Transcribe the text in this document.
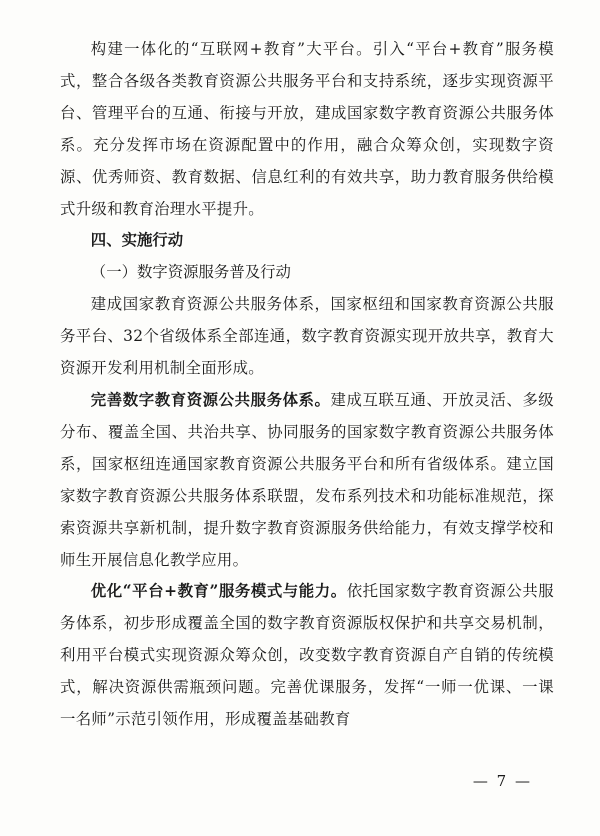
构建一体化的“互联网+教育”大平台。引入“平台+教育”服务模式，整合各级各类教育资源公共服务平台和支持系统，逐步实现资源平台、管理平台的互通、衔接与开放，建成国家数字教育资源公共服务体系。充分发挥市场在资源配置中的作用，融合众筹众创，实现数字资源、优秀师资、教育数据、信息红利的有效共享，助力教育服务供给模式升级和教育治理水平提升。

四、实施行动

（一）数字资源服务普及行动

建成国家教育资源公共服务体系，国家枢纽和国家教育资源公共服务平台、32个省级体系全部连通，数字教育资源实现开放共享，教育大资源开发利用机制全面形成。

完善数字教育资源公共服务体系。建成互联互通、开放灵活、多级分布、覆盖全国、共治共享、协同服务的国家数字教育资源公共服务体系，国家枢纽连通国家教育资源公共服务平台和所有省级体系。建立国家数字教育资源公共服务体系联盟，发布系列技术和功能标准规范，探索资源共享新机制，提升数字教育资源服务供给能力，有效支撑学校和师生开展信息化教学应用。

优化“平台+教育”服务模式与能力。依托国家数字教育资源公共服务体系，初步形成覆盖全国的数字教育资源版权保护和共享交易机制，利用平台模式实现资源众筹众创，改变数字教育资源自产自销的传统模式，解决资源供需瓶颈问题。完善优课服务，发挥“一师一优课、一课一名师”示范引领作用，形成覆盖基础教育

— 7 —
